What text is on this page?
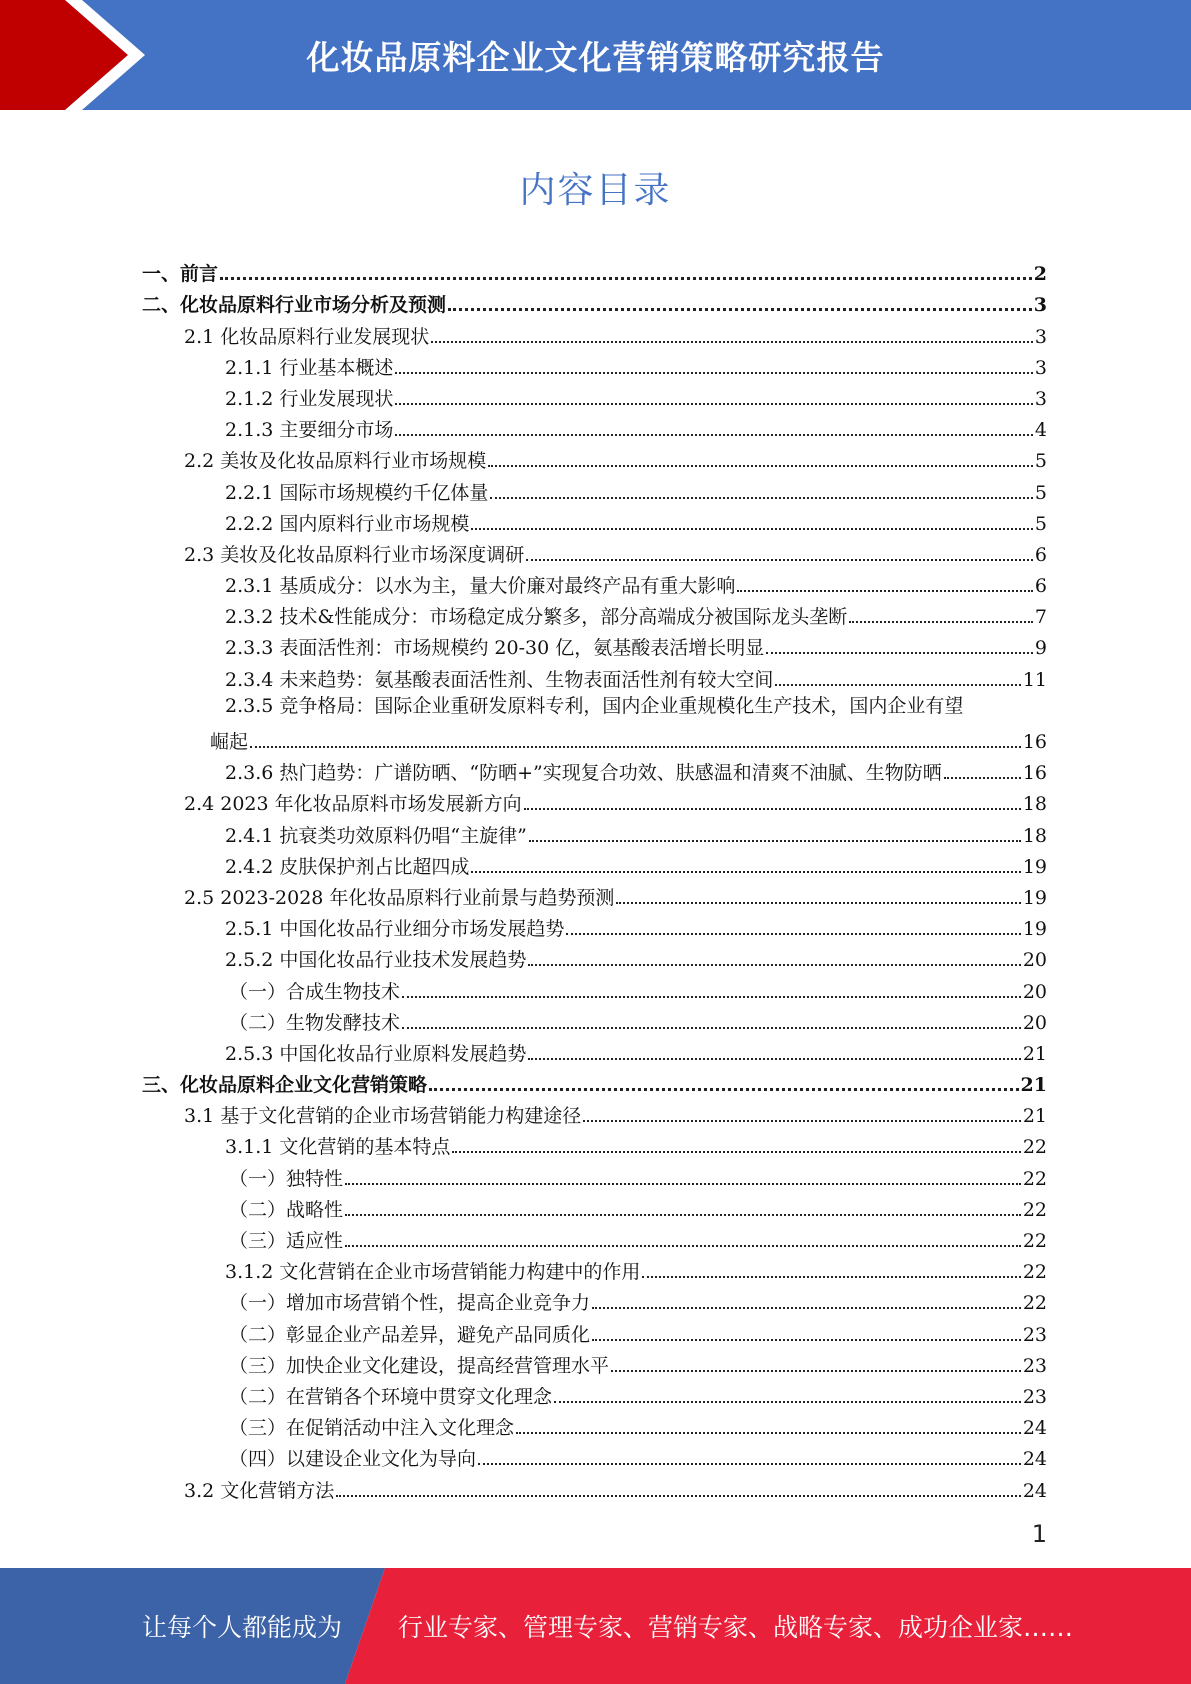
化妆品原料企业文化营销策略研究报告
内容目录
一、前言	2
二、化妆品原料行业市场分析及预测	3
2.1 化妆品原料行业发展现状	3
2.1.1 行业基本概述	3
2.1.2 行业发展现状	3
2.1.3 主要细分市场	4
2.2 美妆及化妆品原料行业市场规模	5
2.2.1 国际市场规模约千亿体量	5
2.2.2 国内原料行业市场规模	5
2.3 美妆及化妆品原料行业市场深度调研	6
2.3.1 基质成分：以水为主，量大价廉对最终产品有重大影响	6
2.3.2 技术&性能成分：市场稳定成分繁多，部分高端成分被国际龙头垄断	7
2.3.3 表面活性剂：市场规模约 20-30 亿，氨基酸表活增长明显	9
2.3.4 未来趋势：氨基酸表面活性剂、生物表面活性剂有较大空间	11
2.3.5 竞争格局：国际企业重研发原料专利，国内企业重规模化生产技术，国内企业有望
崛起	16
2.3.6 热门趋势：广谱防晒、“防晒+”实现复合功效、肤感温和清爽不油腻、生物防晒	16
2.4 2023 年化妆品原料市场发展新方向	18
2.4.1 抗衰类功效原料仍唱“主旋律”	18
2.4.2 皮肤保护剂占比超四成	19
2.5 2023-2028 年化妆品原料行业前景与趋势预测	19
2.5.1 中国化妆品行业细分市场发展趋势	19
2.5.2 中国化妆品行业技术发展趋势	20
（一）合成生物技术	20
（二）生物发酵技术	20
2.5.3 中国化妆品行业原料发展趋势	21
三、化妆品原料企业文化营销策略	21
3.1 基于文化营销的企业市场营销能力构建途径	21
3.1.1 文化营销的基本特点	22
（一）独特性	22
（二）战略性	22
（三）适应性	22
3.1.2 文化营销在企业市场营销能力构建中的作用	22
（一）增加市场营销个性，提高企业竞争力	22
（二）彰显企业产品差异，避免产品同质化	23
（三）加快企业文化建设，提高经营管理水平	23
（二）在营销各个环境中贯穿文化理念	23
（三）在促销活动中注入文化理念	24
（四）以建设企业文化为导向	24
3.2 文化营销方法	24
1
让每个人都能成为 行业专家、管理专家、营销专家、战略专家、成功企业家……
